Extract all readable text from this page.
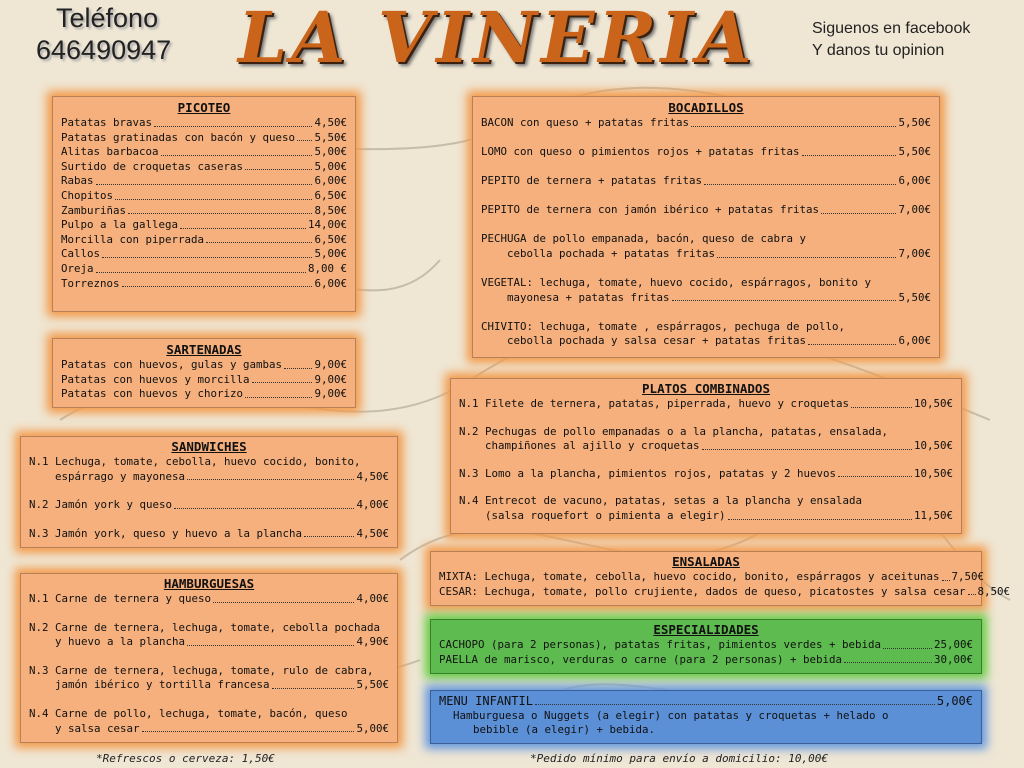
Teléfono
646490947 LA VINERIA	Siguenos en facebook
Y danos tu opinion
PICOTEO
Patatas bravas	4,50€
Patatas gratinadas con bacón y queso 5,50€
Alitas barbacoa	5,00€
Surtido de croquetas caseras	5,00€
Rabas	6,00€
Chopitos	6,50€
Zamburiñas	8,50€
Pulpo a la gallega	14,00€
Morcilla con piperrada	6,50€
Callos	5,00€
Oreja	8,00 €
Torreznos	6,00€
SARTENADAS
Patatas con huevos, gulas y gambas	9,00€
Patatas con huevos y morcilla	9,00€
Patatas con huevos y chorizo	9,00€
SANDWICHES
N.1 Lechuga, tomate, cebolla, huevo cocido, bonito,
espárrago y mayonesa	4,50€
N.2 Jamón york y queso	4,00€
N.3 Jamón york, queso y huevo a la plancha	4,50€
HAMBURGUESAS
N.1 Carne de ternera y queso	4,00€
N.2 Carne de ternera, lechuga, tomate, cebolla pochada
y huevo a la plancha	4,90€
N.3 Carne de ternera, lechuga, tomate, rulo de cabra,
jamón ibérico y tortilla francesa	5,50€
N.4 Carne de pollo, lechuga, tomate, bacón, queso
y salsa cesar	5,00€
BOCADILLOS
BACON con queso + patatas fritas	5,50€
LOMO con queso o pimientos rojos + patatas fritas	5,50€
PEPITO de ternera + patatas fritas	6,00€
PEPITO de ternera con jamón ibérico + patatas fritas	7,00€
PECHUGA de pollo empanada, bacón, queso de cabra y
cebolla pochada + patatas fritas	7,00€
VEGETAL: lechuga, tomate, huevo cocido, espárragos, bonito y
mayonesa + patatas fritas	5,50€
CHIVITO: lechuga, tomate , espárragos, pechuga de pollo,
cebolla pochada y salsa cesar + patatas fritas	6,00€
PLATOS COMBINADOS
N.1 Filete de ternera, patatas, piperrada, huevo y croquetas	10,50€
N.2 Pechugas de pollo empanadas o a la plancha, patatas, ensalada,
champiñones al ajillo y croquetas	10,50€
N.3 Lomo a la plancha, pimientos rojos, patatas y 2 huevos	10,50€
N.4 Entrecot de vacuno, patatas, setas a la plancha y ensalada
(salsa roquefort o pimienta a elegir)	11,50€
ENSALADAS
MIXTA: Lechuga, tomate, cebolla, huevo cocido, bonito, espárragos y aceitunas 7,50€
CESAR: Lechuga, tomate, pollo crujiente, dados de queso, picatostes y salsa cesar 8,50€
ESPECIALIDADES
CACHOPO (para 2 personas), patatas fritas, pimientos verdes + bebida	25,00€
PAELLA de marisco, verduras o carne (para 2 personas) + bebida	30,00€
MENU INFANTIL	5,00€
Hamburguesa o Nuggets (a elegir) con patatas y croquetas + helado o
bebible (a elegir) + bebida.
*Refrescos o cerveza: 1,50€	*Pedido mínimo para envío a domicilio: 10,00€
